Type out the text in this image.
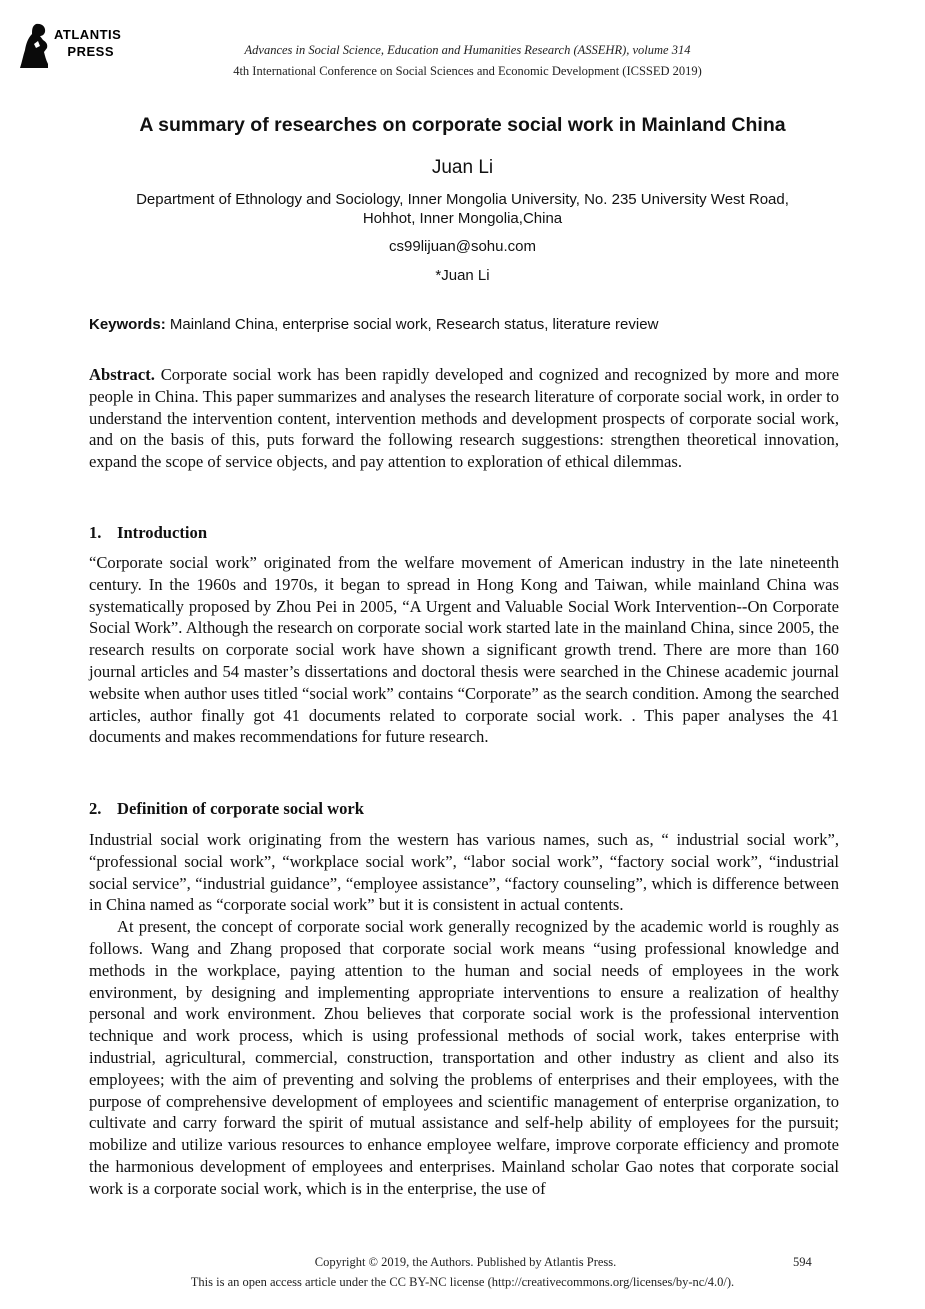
ATLANTIS
PRESS	Advances in Social Science, Education and Humanities Research (ASSEHR), volume 314
4th International Conference on Social Sciences and Economic Development (ICSSED 2019)
A summary of researches on corporate social work in Mainland China
Juan Li
Department of Ethnology and Sociology, Inner Mongolia University, No. 235 University West Road,
Hohhot, Inner Mongolia,China
cs99lijuan@sohu.com
*Juan Li
Keywords: Mainland China, enterprise social work, Research status, literature review

Abstract. Corporate social work has been rapidly developed and cognized and recognized by more and more people in China. This paper summarizes and analyses the research literature of corporate social work, in order to understand the intervention content, intervention methods and development prospects of corporate social work, and on the basis of this, puts forward the following research suggestions: strengthen theoretical innovation, expand the scope of service objects, and pay attention to exploration of ethical dilemmas.

1. Introduction

“Corporate social work” originated from the welfare movement of American industry in the late nineteenth century. In the 1960s and 1970s, it began to spread in Hong Kong and Taiwan, while mainland China was systematically proposed by Zhou Pei in 2005, “A Urgent and Valuable Social Work Intervention--On Corporate Social Work”. Although the research on corporate social work started late in the mainland China, since 2005, the research results on corporate social work have shown a significant growth trend. There are more than 160 journal articles and 54 master’s dissertations and doctoral thesis were searched in the Chinese academic journal website when author uses titled “social work” contains “Corporate” as the search condition. Among the searched articles, author finally got 41 documents related to corporate social work. . This paper analyses the 41 documents and makes recommendations for future research.

2. Definition of corporate social work

Industrial social work originating from the western has various names, such as, “ industrial social work”, “professional social work”, “workplace social work”, “labor social work”, “factory social work”, “industrial social service”, “industrial guidance”, “employee assistance”, “factory counseling”, which is difference between in China named as “corporate social work” but it is consistent in actual contents.

At present, the concept of corporate social work generally recognized by the academic world is roughly as follows. Wang and Zhang proposed that corporate social work means “using professional knowledge and methods in the workplace, paying attention to the human and social needs of employees in the work environment, by designing and implementing appropriate interventions to ensure a realization of healthy personal and work environment. Zhou believes that corporate social work is the professional intervention technique and work process, which is using professional methods of social work, takes enterprise with industrial, agricultural, commercial, construction, transportation and other industry as client and also its employees; with the aim of preventing and solving the problems of enterprises and their employees, with the purpose of comprehensive development of employees and scientific management of enterprise organization, to cultivate and carry forward the spirit of mutual assistance and self-help ability of employees for the pursuit; mobilize and utilize various resources to enhance employee welfare, improve corporate efficiency and promote the harmonious development of employees and enterprises. Mainland scholar Gao notes that corporate social work is a corporate social work, which is in the enterprise, the use of

Copyright © 2019, the Authors. Published by Atlantis Press.	594
This is an open access article under the CC BY-NC license (http://creativecommons.org/licenses/by-nc/4.0/).
